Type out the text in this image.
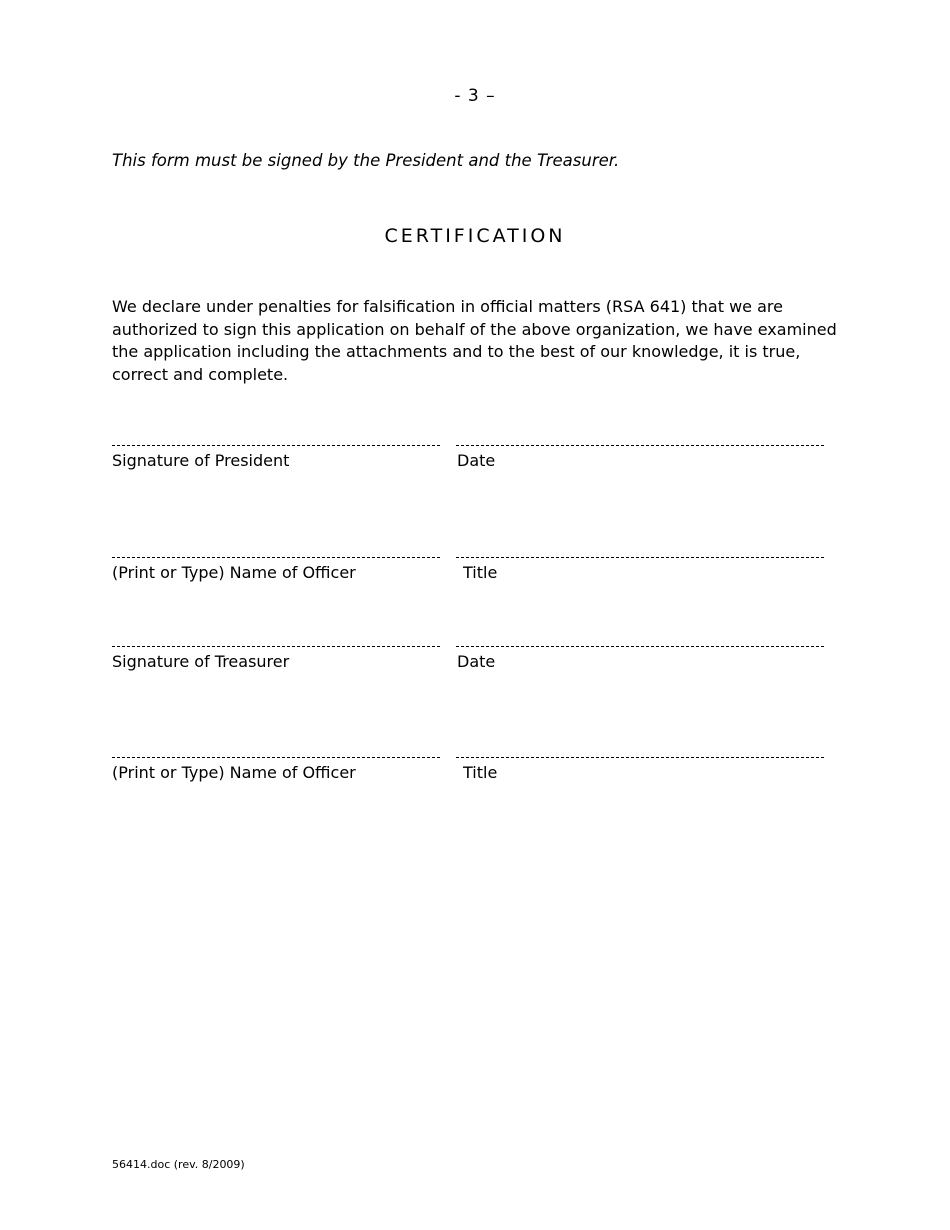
- 3 –
This form must be signed by the President and the Treasurer.
CERTIFICATION

We declare under penalties for falsification in official matters (RSA 641) that we are authorized to sign this application on behalf of the above organization, we have examined the application including the attachments and to the best of our knowledge, it is true, correct and complete.

Signature of President	Date
(Print or Type) Name of Officer	Title
Signature of Treasurer	Date
(Print or Type) Name of Officer	Title
56414.doc (rev. 8/2009)
